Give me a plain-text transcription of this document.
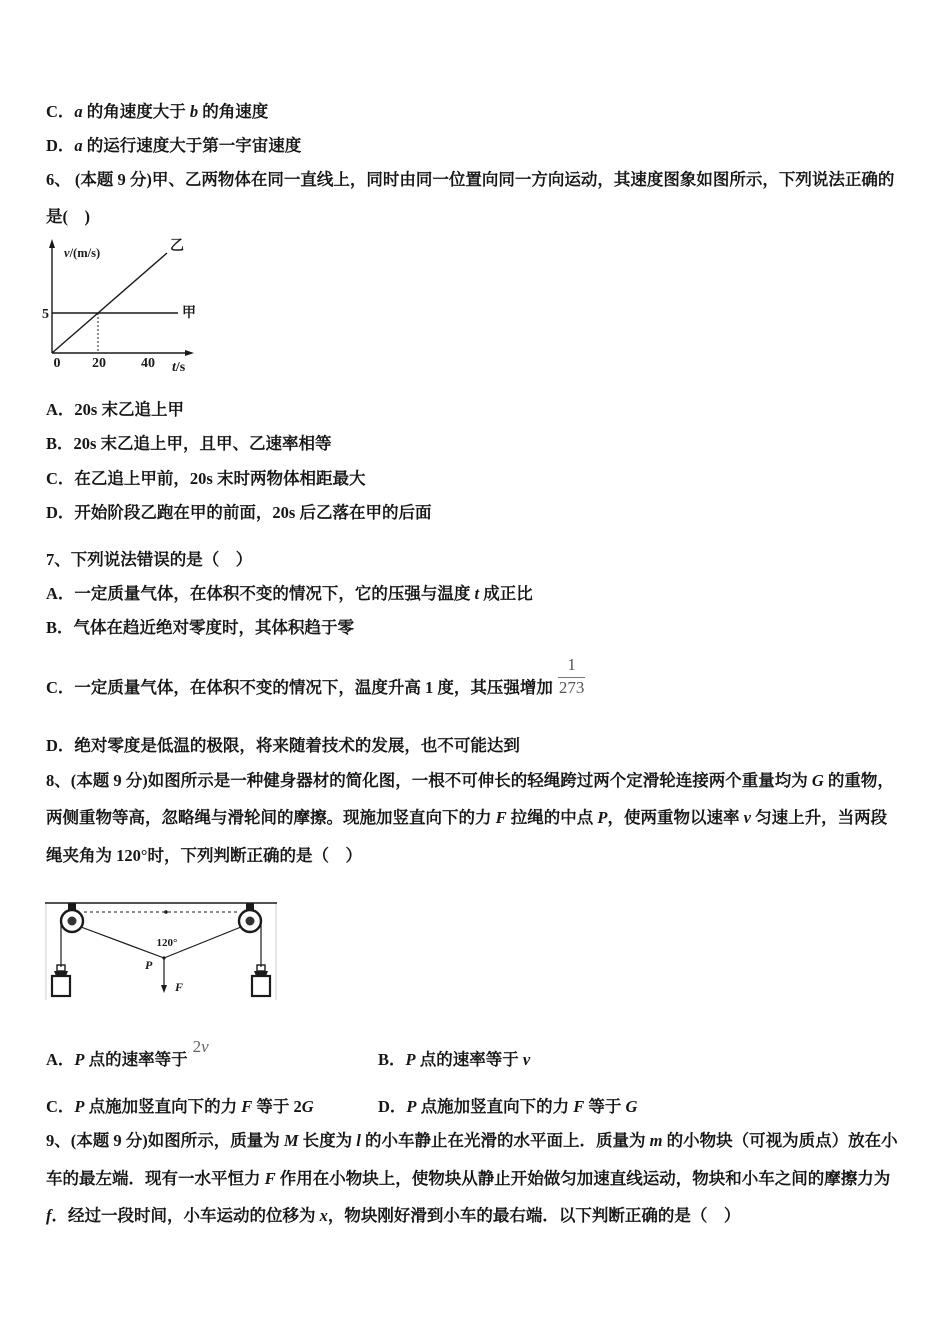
C．a 的角速度大于 b 的角速度
D．a 的运行速度大于第一宇宙速度
6、 (本题 9 分)甲、乙两物体在同一直线上，同时由同一位置向同一方向运动，其速度图象如图所示，下列说法正确的
是(    )
v/(m/s)	乙
甲
5
0 20	40 t/s
A．20s 末乙追上甲
B．20s 末乙追上甲，且甲、乙速率相等
C．在乙追上甲前，20s 末时两物体相距最大
D．开始阶段乙跑在甲的前面，20s 后乙落在甲的后面
7、下列说法错误的是（    ）
A．一定质量气体，在体积不变的情况下，它的压强与温度 t 成正比
B．气体在趋近绝对零度时，其体积趋于零
C．一定质量气体，在体积不变的情况下，温度升高 1 度，其压强增加 $\frac{1}{273}$
D．绝对零度是低温的极限，将来随着技术的发展，也不可能达到
8、(本题 9 分)如图所示是一种健身器材的简化图，一根不可伸长的轻绳跨过两个定滑轮连接两个重量均为 G 的重物，
两侧重物等高，忽略绳与滑轮间的摩擦。现施加竖直向下的力 F 拉绳的中点 P，使两重物以速率 v 匀速上升，当两段
绳夹角为 120°时，下列判断正确的是（    ）
120°
P
F
A．P 点的速率等于2v
B．P 点的速率等于 v
C．P 点施加竖直向下的力 F 等于 2G	D．P 点施加竖直向下的力 F 等于 G
9、(本题 9 分)如图所示，质量为 M 长度为 l 的小车静止在光滑的水平面上．质量为 m 的小物块（可视为质点）放在小
车的最左端．现有一水平恒力 F 作用在小物块上，使物块从静止开始做匀加速直线运动，物块和小车之间的摩擦力为
f．经过一段时间，小车运动的位移为 x，物块刚好滑到小车的最右端．以下判断正确的是（    ）
